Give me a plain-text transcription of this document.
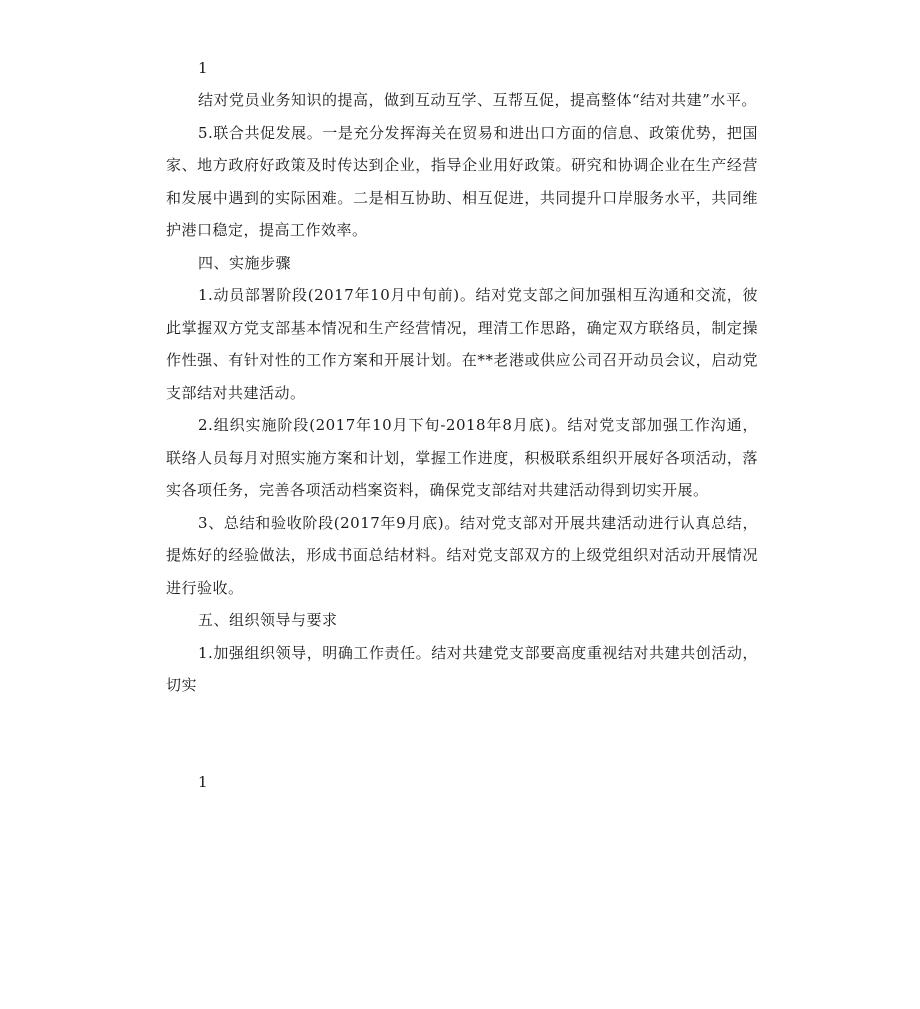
1

结对党员业务知识的提高，做到互动互学、互帮互促，提高整体“结对共建”水平。

5.联合共促发展。一是充分发挥海关在贸易和进出口方面的信息、政策优势，把国家、地方政府好政策及时传达到企业，指导企业用好政策。研究和协调企业在生产经营和发展中遇到的实际困难。二是相互协助、相互促进，共同提升口岸服务水平，共同维护港口稳定，提高工作效率。

四、实施步骤

1.动员部署阶段(2017年10月中旬前)。结对党支部之间加强相互沟通和交流，彼此掌握双方党支部基本情况和生产经营情况，理清工作思路，确定双方联络员，制定操作性强、有针对性的工作方案和开展计划。在**老港或供应公司召开动员会议，启动党支部结对共建活动。

2.组织实施阶段(2017年10月下旬-2018年8月底)。结对党支部加强工作沟通，联络人员每月对照实施方案和计划，掌握工作进度，积极联系组织开展好各项活动，落实各项任务，完善各项活动档案资料，确保党支部结对共建活动得到切实开展。

3、总结和验收阶段(2017年9月底)。结对党支部对开展共建活动进行认真总结，提炼好的经验做法，形成书面总结材料。结对党支部双方的上级党组织对活动开展情况进行验收。

五、组织领导与要求

1.加强组织领导，明确工作责任。结对共建党支部要高度重视结对共建共创活动，切实

1
